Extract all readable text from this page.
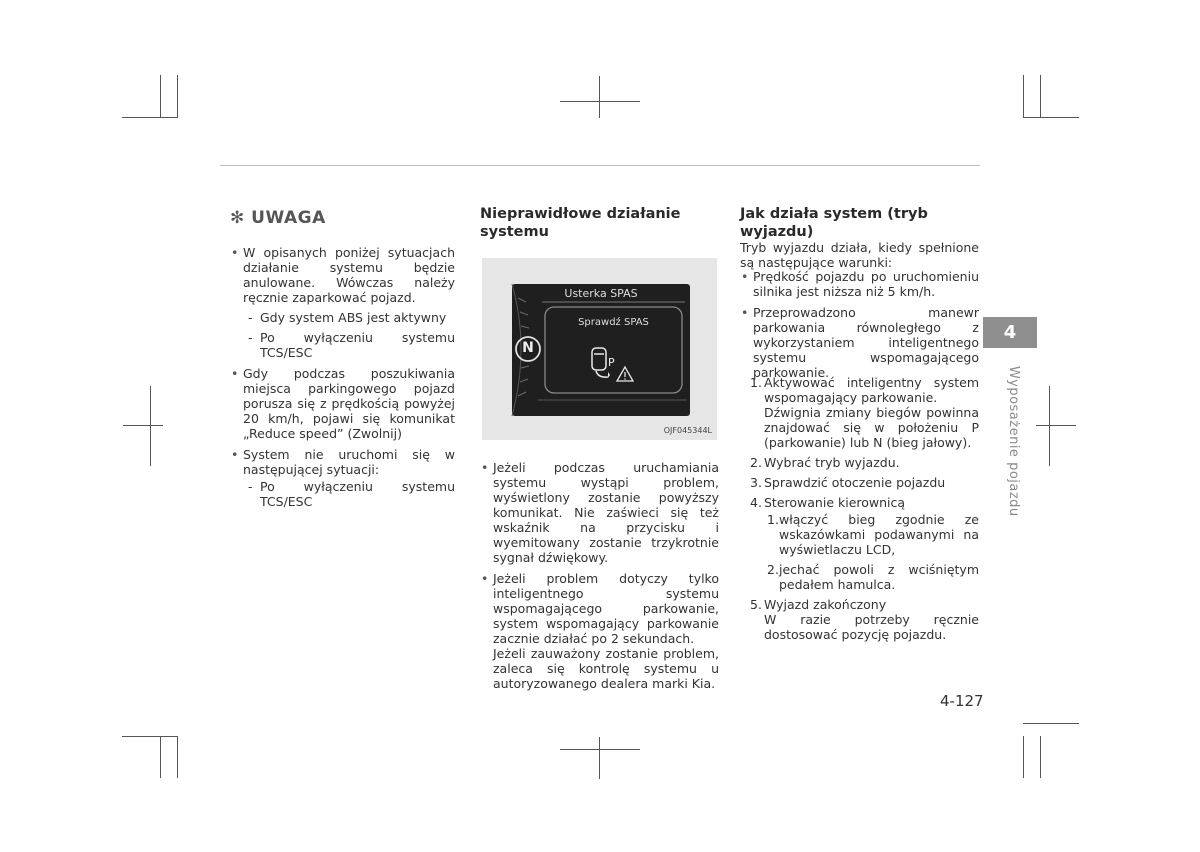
✻ UWAGA
• W opisanych poniżej sytuacjach działanie systemu będzie anulowane. Wówczas należy ręcznie zaparkować pojazd.
- Gdy system ABS jest aktywny
- Po wyłączeniu systemu TCS/ESC
• Gdy podczas poszukiwania miejsca parkingowego pojazd porusza się z prędkością powyżej 20 km/h, pojawi się komunikat „Reduce speed” (Zwolnij)
• System nie uruchomi się w następującej sytuacji:
- Po wyłączeniu systemu TCS/ESC
Nieprawidłowe działanie systemu
Usterka SPAS
Sprawdź SPAS
N
P
OJF045344L
• Jeżeli podczas uruchamiania systemu wystąpi problem, wyświetlony zostanie powyższy komunikat. Nie zaświeci się też wskaźnik na przycisku i wyemitowany zostanie trzykrotnie sygnał dźwiękowy.
• Jeżeli problem dotyczy tylko inteligentnego systemu wspomagającego parkowanie, system wspomagający parkowanie zacznie działać po 2 sekundach.
Jeżeli zauważony zostanie problem, zaleca się kontrolę systemu u autoryzowanego dealera marki Kia.
Jak działa system (tryb wyjazdu)
Tryb wyjazdu działa, kiedy spełnione są następujące warunki:
• Prędkość pojazdu po uruchomieniu silnika jest niższa niż 5 km/h.
• Przeprowadzono manewr parkowania równoległego z wykorzystaniem inteligentnego systemu wspomagającego parkowanie.
1. Aktywować inteligentny system wspomagający parkowanie.
Dźwignia zmiany biegów powinna znajdować się w położeniu P (parkowanie) lub N (bieg jałowy).
2. Wybrać tryb wyjazdu.
3. Sprawdzić otoczenie pojazdu
4. Sterowanie kierownicą
1. włączyć bieg zgodnie ze wskazówkami podawanymi na wyświetlaczu LCD,
2. jechać powoli z wciśniętym pedałem hamulca.
5. Wyjazd zakończony
W razie potrzeby ręcznie dostosować pozycję pojazdu.
4
Wyposażenie pojazdu
4-127
